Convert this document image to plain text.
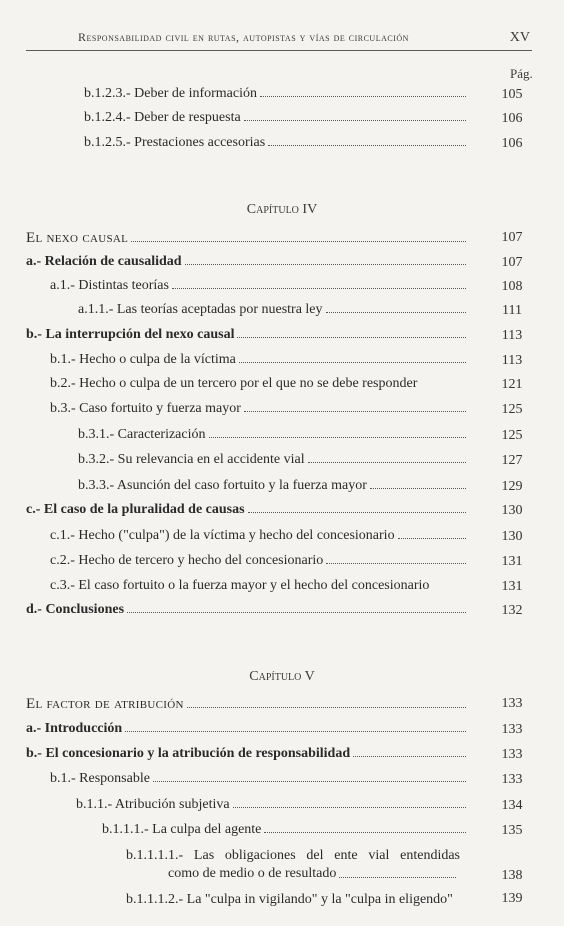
Responsabilidad civil en rutas, autopistas y vías de circulación	XV
Pág.
b.1.2.3.- Deber de información	105
b.1.2.4.- Deber de respuesta	106
b.1.2.5.- Prestaciones accesorias	106
Capítulo IV
El nexo causal	107
a.- Relación de causalidad	107
a.1.- Distintas teorías	108
a.1.1.- Las teorías aceptadas por nuestra ley	111
b.- La interrupción del nexo causal	113
b.1.- Hecho o culpa de la víctima	113
b.2.- Hecho o culpa de un tercero por el que no se debe responder	121
b.3.- Caso fortuito y fuerza mayor	125
b.3.1.- Caracterización	125
b.3.2.- Su relevancia en el accidente vial	127
b.3.3.- Asunción del caso fortuito y la fuerza mayor	129
c.- El caso de la pluralidad de causas	130
c.1.- Hecho ("culpa") de la víctima y hecho del concesionario	130
c.2.- Hecho de tercero y hecho del concesionario	131
c.3.- El caso fortuito o la fuerza mayor y el hecho del concesionario	131
d.- Conclusiones	132
Capítulo V
El factor de atribución	133
a.- Introducción	133
b.- El concesionario y la atribución de responsabilidad	133
b.1.- Responsable	133
b.1.1.- Atribución subjetiva	134
b.1.1.1.- La culpa del agente	135
b.1.1.1.1.- Las obligaciones del ente vial entendidas
como de medio o de resultado	138
b.1.1.1.2.- La "culpa in vigilando" y la "culpa in eligendo"	139
